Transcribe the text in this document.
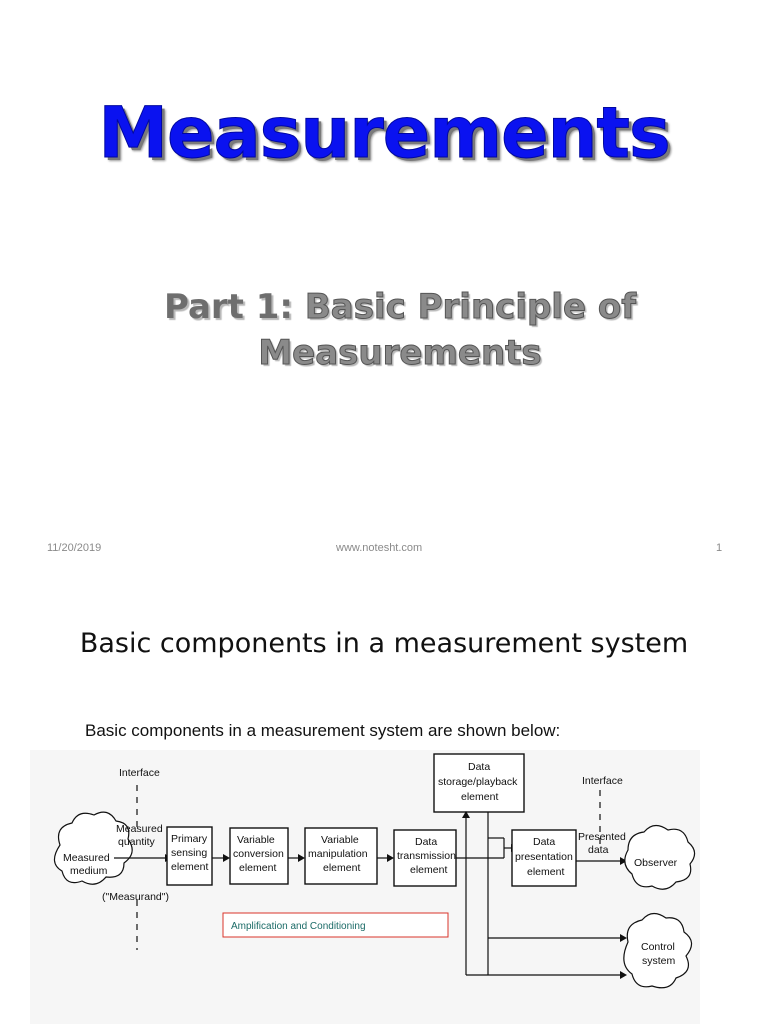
Measurements
Part 1: Basic Principle of
Measurements
11/20/2019	www.notesht.com	1
Basic components in a measurement system
Basic components in a measurement system are shown below:
Interface
Interface
Measured
medium
Measured
quantity
("Measurand")
Primary
sensing
element
Variable
conversion
element
Variable
manipulation
element
Data
transmission
element
Data
storage/playback
element
Data
presentation
element
Presented
data
Observer
Control
system
Amplification and Conditioning
